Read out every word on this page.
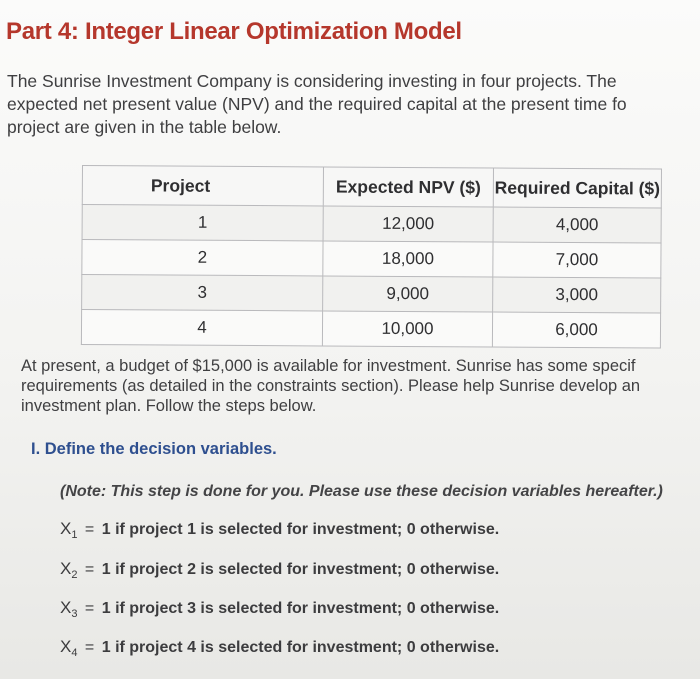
Part 4: Integer Linear Optimization Model
The Sunrise Investment Company is considering investing in four projects. The
expected net present value (NPV) and the required capital at the present time fo
project are given in the table below.
Project	Expected NPV ($)	Required Capital ($)
1	12,000	4,000
2	18,000	7,000
3	9,000	3,000
4	10,000	6,000
At present, a budget of $15,000 is available for investment. Sunrise has some specif
requirements (as detailed in the constraints section). Please help Sunrise develop an
investment plan. Follow the steps below.
I. Define the decision variables.
(Note: This step is done for you. Please use these decision variables hereafter.)
$X_1 = 1$ if project 1 is selected for investment; 0 otherwise.
$X_2 = 1$ if project 2 is selected for investment; 0 otherwise.
$X_3 = 1$ if project 3 is selected for investment; 0 otherwise.
$X_4 = 1$ if project 4 is selected for investment; 0 otherwise.
